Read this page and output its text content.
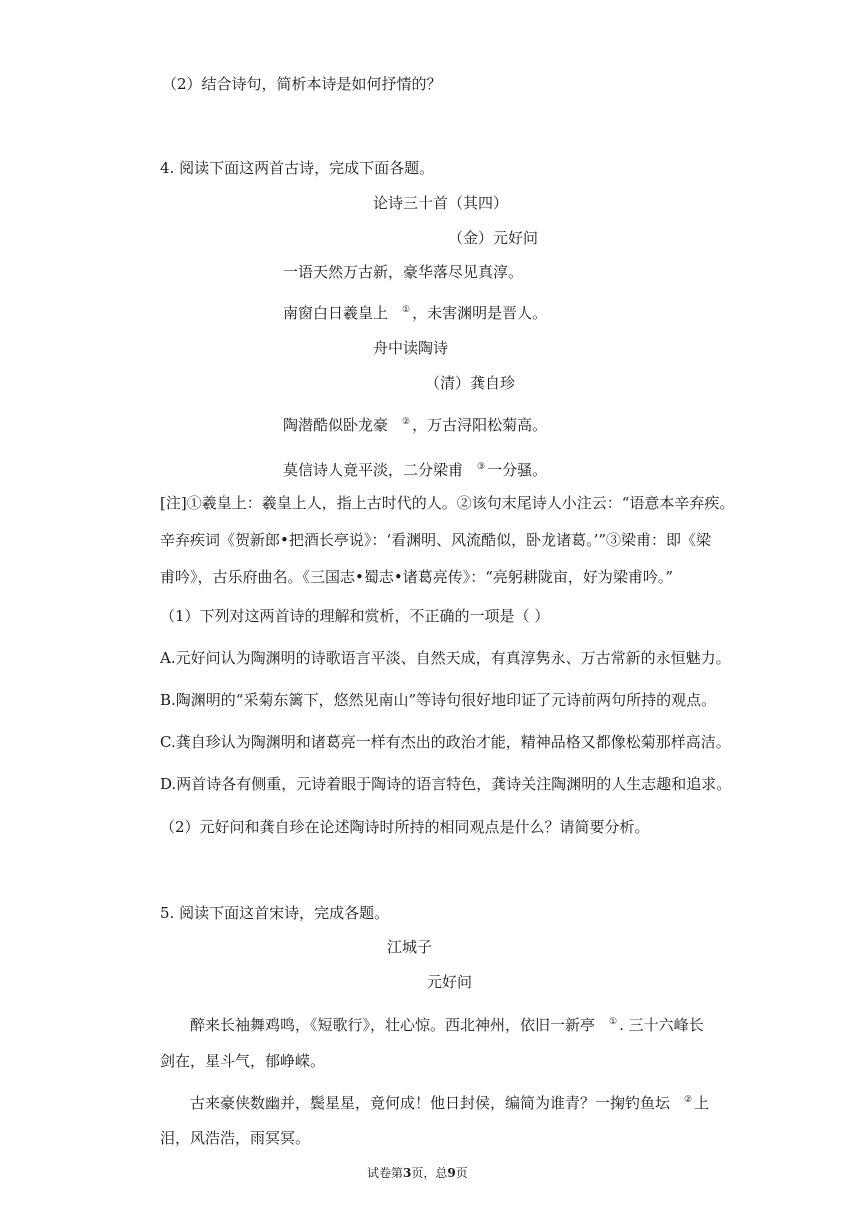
（2）结合诗句，简析本诗是如何抒情的？
4. 阅读下面这两首古诗，完成下面各题。
论诗三十首（其四）
（金）元好问
一语天然万古新，豪华落尽见真淳。
南窗白日羲皇上 ① ，未害渊明是晋人。
舟中读陶诗
（清）龚自珍
陶潜酷似卧龙豪 ② ，万古浔阳松菊高。
莫信诗人竟平淡，二分梁甫 ③ 一分骚。
[注]①羲皇上：羲皇上人，指上古时代的人。②该句末尾诗人小注云：“语意本辛弃疾。
辛弃疾词《贺新郎•把酒长亭说》：‘看渊明、风流酷似，卧龙诸葛。’”③梁甫：即《梁
甫吟》，古乐府曲名。《三国志•蜀志•诸葛亮传》：“亮躬耕陇亩，好为梁甫吟。”
（1）下列对这两首诗的理解和赏析，不正确的一项是（ ）
A.元好问认为陶渊明的诗歌语言平淡、自然天成，有真淳隽永、万古常新的永恒魅力。
B.陶渊明的“采菊东篱下，悠然见南山”等诗句很好地印证了元诗前两句所持的观点。
C.龚自珍认为陶渊明和诸葛亮一样有杰出的政治才能，精神品格又都像松菊那样高洁。
D.两首诗各有侧重，元诗着眼于陶诗的语言特色，龚诗关注陶渊明的人生志趣和追求。
（2）元好问和龚自珍在论述陶诗时所持的相同观点是什么？请简要分析。
5. 阅读下面这首宋诗，完成各题。
江城子
元好问
醉来长袖舞鸡鸣，《短歌行》，壮心惊。西北神州，依旧一新亭 ① . 三十六峰长
剑在，星斗气，郁峥嵘。
古来豪侠数幽并，鬓星星，竟何成！他日封侯，编简为谁青？一掬钓鱼坛 ② 上
泪，风浩浩，雨冥冥。
试卷第3页，总9页
